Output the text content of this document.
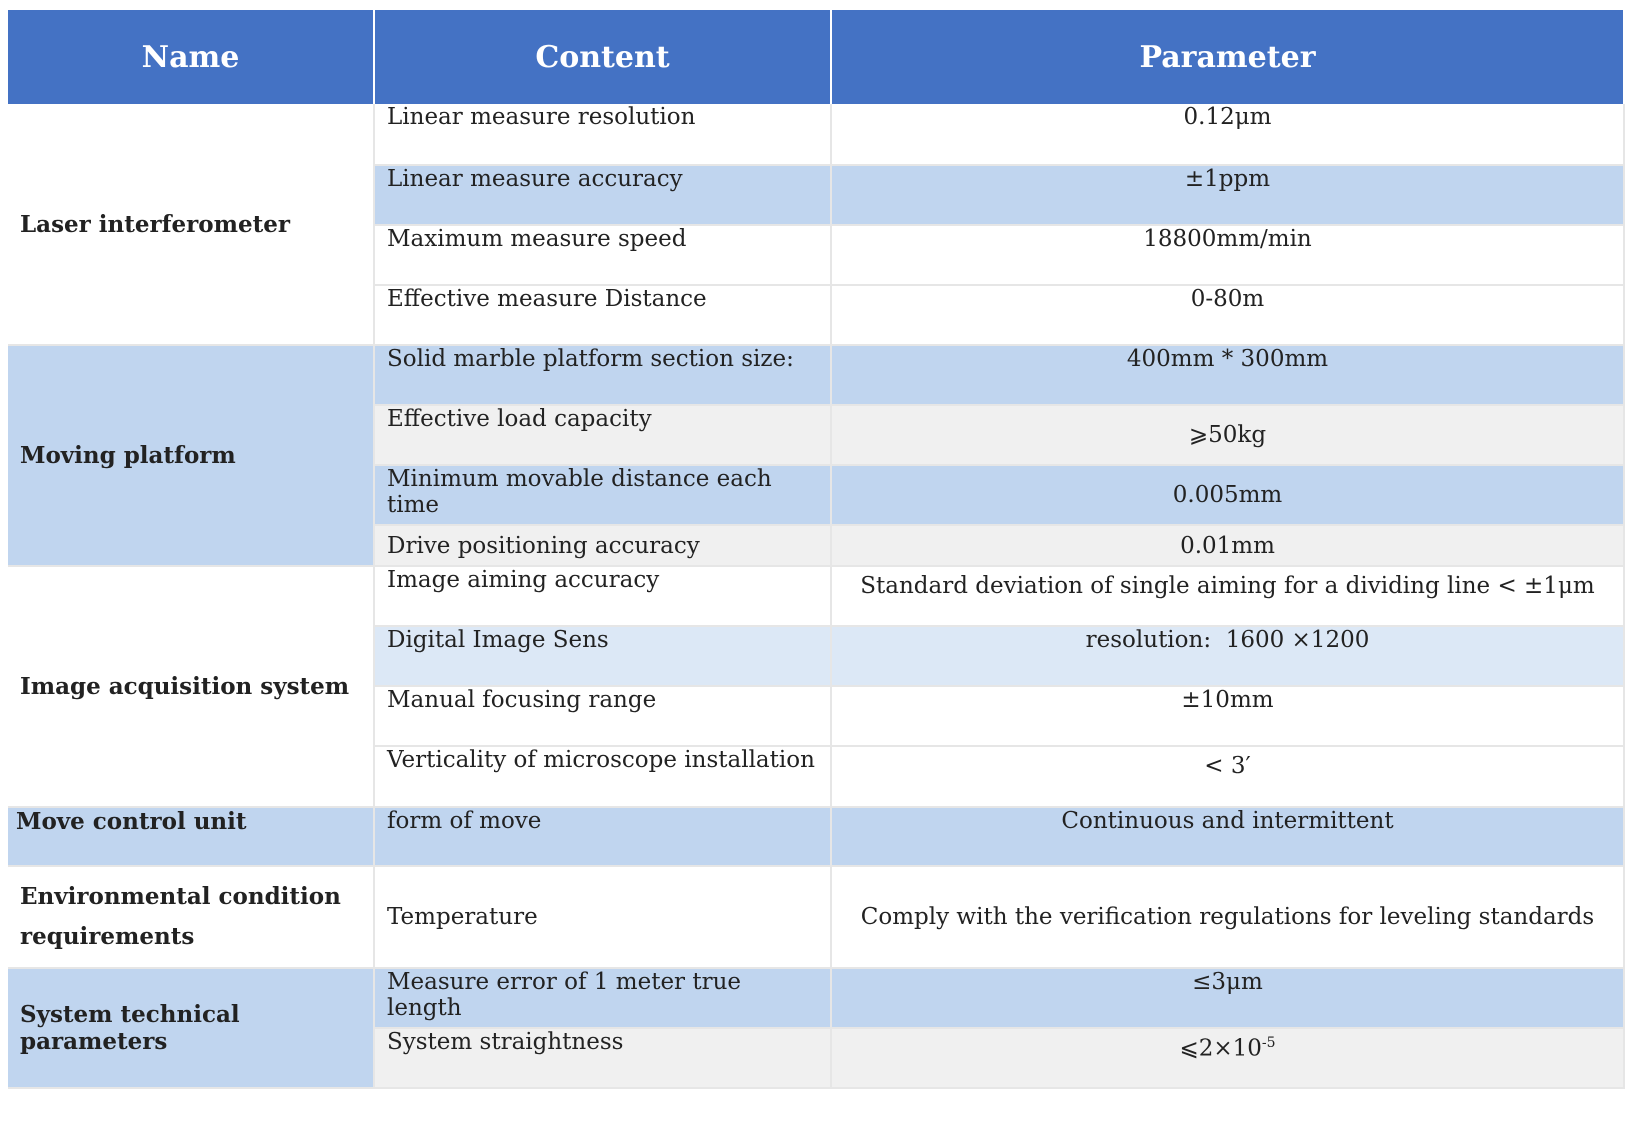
Name	Content	Parameter
Laser interferometer	Linear measure resolution	0.12μm
	Linear measure accuracy	±1ppm
	Maximum measure speed	18800mm/min
	Effective measure Distance	0-80m
Moving platform	Solid marble platform section size:	400mm * 300mm
	Effective load capacity	⩾50kg
	Minimum movable distance each time	0.005mm
	Drive positioning accuracy	0.01mm
Image acquisition system	Image aiming accuracy	Standard deviation of single aiming for a dividing line < ±1μm
	Digital Image Sens	resolution:  1600 ×1200
	Manual focusing range	±10mm
	Verticality of microscope installation	< 3′
Move control unit	form of move	Continuous and intermittent
Environmental condition requirements	Temperature	Comply with the verification regulations for leveling standards
System technical parameters	Measure error of 1 meter true length	≤3μm
	System straightness	$⩽2\times 10^{-5}$
